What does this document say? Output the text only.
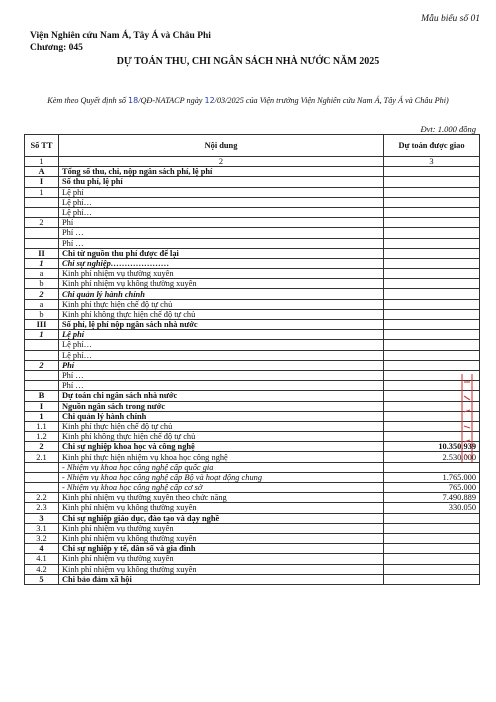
Mẫu biểu số 01
Viện Nghiên cứu Nam Á, Tây Á và Châu Phi
Chương: 045
DỰ TOÁN THU, CHI NGÂN SÁCH NHÀ NƯỚC NĂM 2025
Kèm theo Quyết định số 18/QĐ-NATACP ngày 12/03/2025 của Viện trưởng Viện Nghiên cứu Nam Á, Tây Á và Châu Phi)
Đvt: 1.000 đồng
Số TT	Nội dung	Dự toán được giao
1	2	3
A	Tổng số thu, chi, nộp ngân sách phí, lệ phí	
I	Số thu phí, lệ phí	
1	Lệ phí	
	Lệ phí…	
	Lệ phí…	
2	Phí	
	Phí …	
	Phí …	
II	Chi từ nguồn thu phí được để lại	
1	Chi sự nghiệp…………………	
a	Kinh phí nhiệm vụ thường xuyên	
b	Kinh phí nhiệm vụ không thường xuyên	
2	Chi quản lý hành chính	
a	Kinh phí thực hiện chế độ tự chủ	
b	Kinh phí không thực hiện chế độ tự chủ	
III	Số phí, lệ phí nộp ngân sách nhà nước	
1	Lệ phí	
	Lệ phí…	
	Lệ phí…	
2	Phí	
	Phí …	
	Phí …	
B	Dự toán chi ngân sách nhà nước	
I	Nguồn ngân sách trong nước	
1	Chi quản lý hành chính	
1.1	Kinh phí thực hiện chế độ tự chủ	
1.2	Kinh phí không thực hiện chế độ tự chủ	
2	Chi sự nghiệp khoa học và công nghệ	10.350.939
2.1	Kinh phí thực hiện nhiệm vụ khoa học công nghệ	2.530.000
	- Nhiệm vụ khoa học công nghệ cấp quốc gia	
	- Nhiệm vụ khoa học công nghệ cấp Bộ và hoạt động chung	1.765.000
	- Nhiệm vụ khoa học công nghệ cấp cơ sở	765.000
2.2	Kinh phí nhiệm vụ thường xuyên theo chức năng	7.490.889
2.3	Kinh phí nhiệm vụ không thường xuyên	330.050
3	Chi sự nghiệp giáo dục, đào tạo và dạy nghề	
3.1	Kinh phí nhiệm vụ thường xuyên	
3.2	Kinh phí nhiệm vụ không thường xuyên	
4	Chi sự nghiệp y tế, dân số và gia đình	
4.1	Kinh phí nhiệm vụ thường xuyên	
4.2	Kinh phí nhiệm vụ không thường xuyên	
5	Chi bảo đảm xã hội	
